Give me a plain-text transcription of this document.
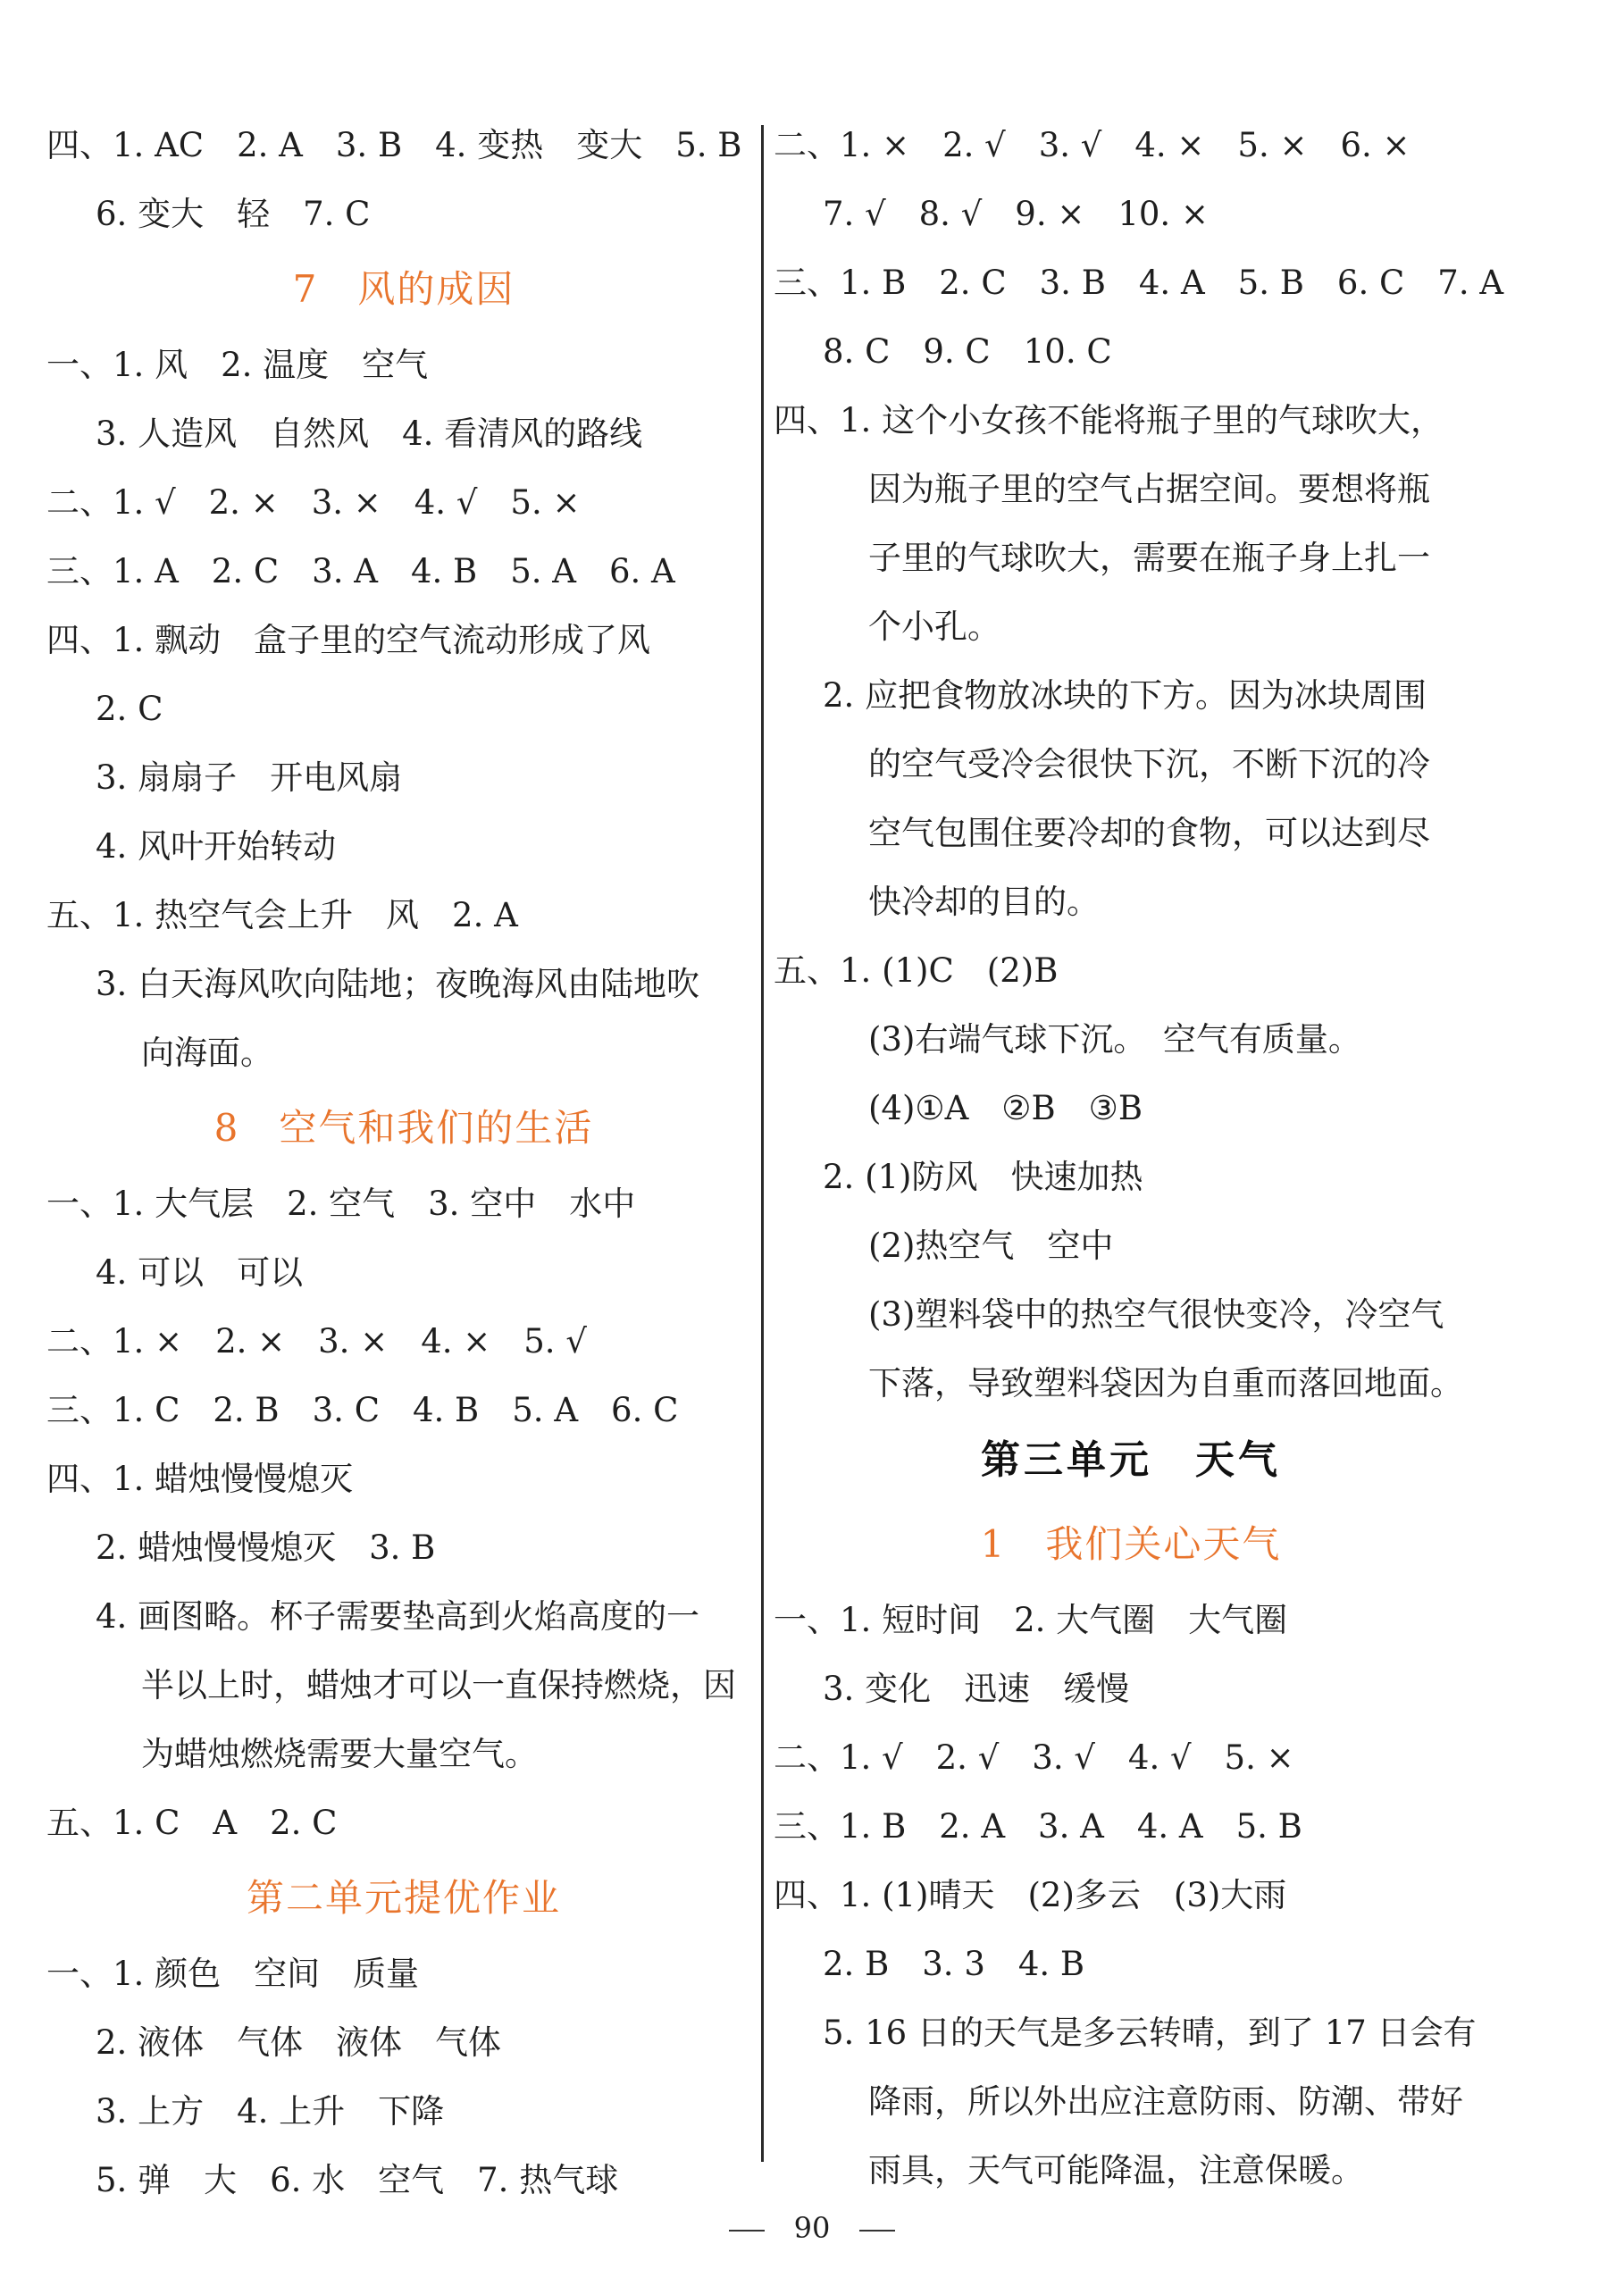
四、1. AC　2. A　3. B　4. 变热　变大　5. B
6. 变大　轻　7. C
7　风的成因
一、1. 风　2. 温度　空气
3. 人造风　自然风　4. 看清风的路线
二、1. √　2. ×　3. ×　4. √　5. ×
三、1. A　2. C　3. A　4. B　5. A　6. A
四、1. 飘动　盒子里的空气流动形成了风
2. C
3. 扇扇子　开电风扇
4. 风叶开始转动
五、1. 热空气会上升　风　2. A
3. 白天海风吹向陆地；夜晚海风由陆地吹
向海面。
8　空气和我们的生活
一、1. 大气层　2. 空气　3. 空中　水中
4. 可以　可以
二、1. ×　2. ×　3. ×　4. ×　5. √
三、1. C　2. B　3. C　4. B　5. A　6. C
四、1. 蜡烛慢慢熄灭
2. 蜡烛慢慢熄灭　3. B
4. 画图略。杯子需要垫高到火焰高度的一
半以上时，蜡烛才可以一直保持燃烧，因
为蜡烛燃烧需要大量空气。
五、1. C　A　2. C
第二单元提优作业
一、1. 颜色　空间　质量
2. 液体　气体　液体　气体
3. 上方　4. 上升　下降
5. 弹　大　6. 水　空气　7. 热气球
二、1. ×　2. √　3. √　4. ×　5. ×　6. ×
7. √　8. √　9. ×　10. ×
三、1. B　2. C　3. B　4. A　5. B　6. C　7. A
8. C　9. C　10. C
四、1. 这个小女孩不能将瓶子里的气球吹大，
因为瓶子里的空气占据空间。要想将瓶
子里的气球吹大，需要在瓶子身上扎一
个小孔。
2. 应把食物放冰块的下方。因为冰块周围
的空气受冷会很快下沉，不断下沉的冷
空气包围住要冷却的食物，可以达到尽
快冷却的目的。
五、1. (1)C　(2)B
(3)右端气球下沉。　空气有质量。
(4)①A　②B　③B
2. (1)防风　快速加热
(2)热空气　空中
(3)塑料袋中的热空气很快变冷，冷空气
下落，导致塑料袋因为自重而落回地面。
第三单元　天气
1　我们关心天气
一、1. 短时间　2. 大气圈　大气圈
3. 变化　迅速　缓慢
二、1. √　2. √　3. √　4. √　5. ×
三、1. B　2. A　3. A　4. A　5. B
四、1. (1)晴天　(2)多云　(3)大雨
2. B　3. 3　4. B
5. 16 日的天气是多云转晴，到了 17 日会有
降雨，所以外出应注意防雨、防潮、带好
雨具，天气可能降温，注意保暖。
90
